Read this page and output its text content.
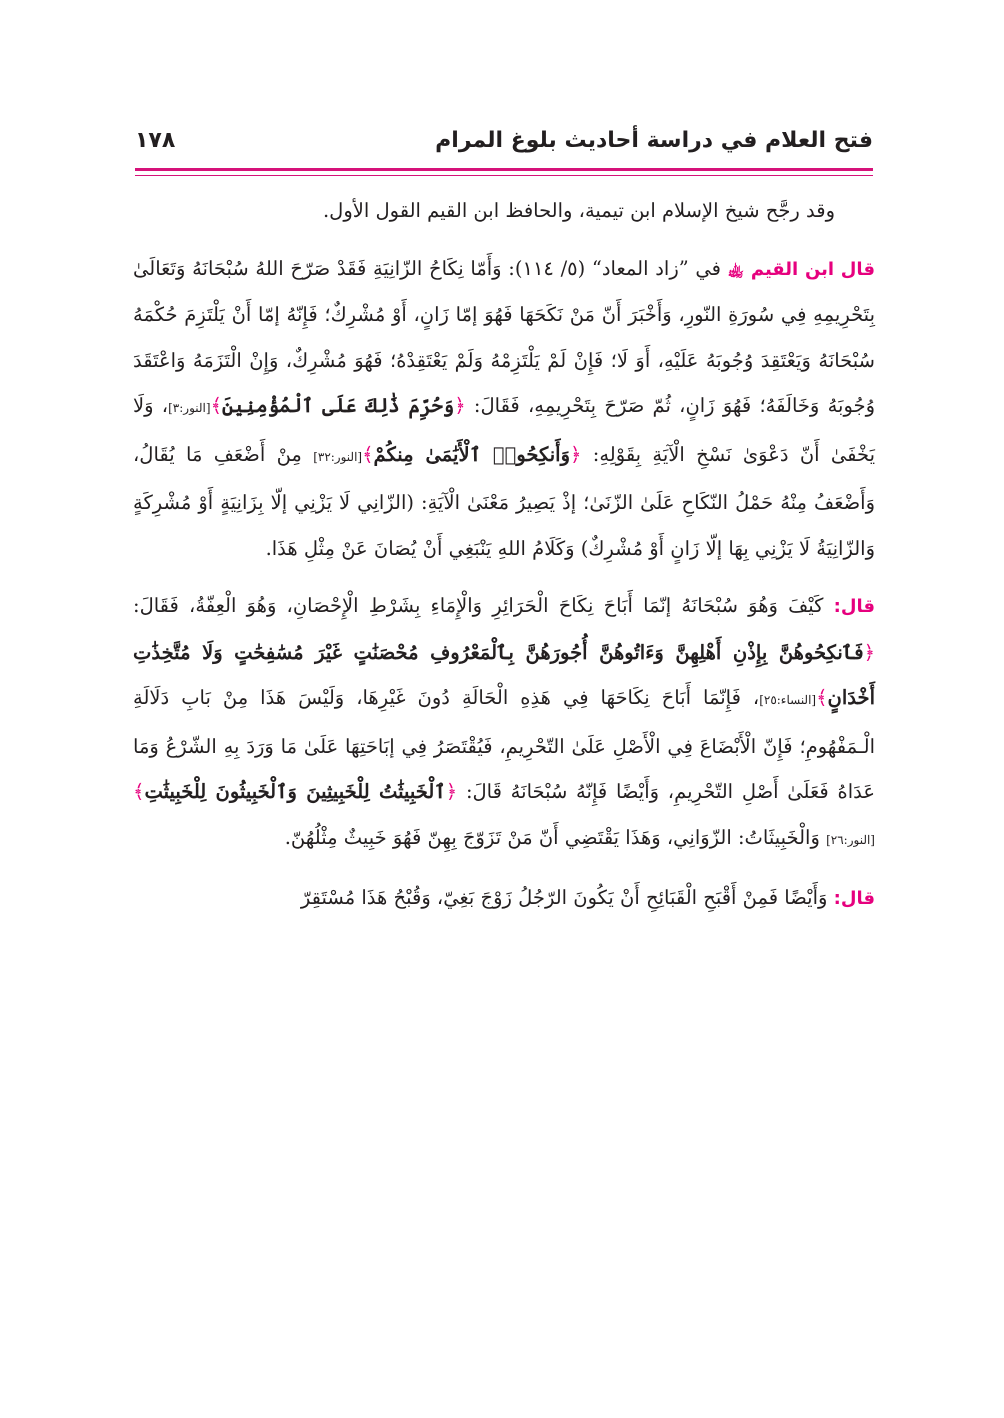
فتح العلام في دراسة أحاديث بلوغ المرام
١٧٨

وقد رجَّح شيخ الإسلام ابن تيمية، والحافظ ابن القيم القول الأول.

قال ابن القيم ﵀ في ”زاد المعاد“ (٥/ ١١٤): وَأَمّا نِكَاحُ الزّانِيَةِ فَقَدْ صَرّحَ اللهُ سُبْحَانَهُ وَتَعَالَىٰ بِتَحْرِيمِهِ فِي سُورَةِ النّورِ، وَأَخْبَرَ أَنّ مَنْ نَكَحَهَا فَهُوَ إمّا زَانٍ، أَوْ مُشْرِكٌ؛ فَإِنّهُ إمّا أَنْ يَلْتَزِمَ حُكْمَهُ سُبْحَانَهُ وَيَعْتَقِدَ وُجُوبَهُ عَلَيْهِ، أَوَ لَا؛ فَإِنْ لَمْ يَلْتَزِمْهُ وَلَمْ يَعْتَقِدْهُ؛ فَهُوَ مُشْرِكٌ، وَإِنْ الْتَزَمَهُ وَاعْتَقَدَ وُجُوبَهُ وَخَالَفَهُ؛ فَهُوَ زَانٍ، ثُمّ صَرّحَ بِتَحْرِيمِهِ، فَقَالَ: ﴿وَحُرِّمَ ذَٰلِكَ عَلَى ٱلْمُؤْمِنِينَ﴾[النور:٣]، وَلَا يَخْفَىٰ أَنّ دَعْوَىٰ نَسْخِ الْآيَةِ بِقَوْلِهِ: ﴿وَأَنكِحُوا۟ ٱلْأَيَٰمَىٰ مِنكُمْ﴾[النور:٣٢] مِنْ أَضْعَفِ مَا يُقَالُ، وَأَضْعَفُ مِنْهُ حَمْلُ النّكَاحِ عَلَىٰ الزّنَىٰ؛ إذْ يَصِيرُ مَعْنَىٰ الْآيَةِ: (الزّانِي لَا يَزْنِي إلّا بِزَانِيَةٍ أَوْ مُشْرِكَةٍ وَالزّانِيَةُ لَا يَزْنِي بِهَا إلّا زَانٍ أَوْ مُشْرِكٌ) وَكَلَامُ اللهِ يَنْبَغِي أَنْ يُصَانَ عَنْ مِثْلِ هَذَا.

قال: كَيْفَ وَهُوَ سُبْحَانَهُ إنّمَا أَبَاحَ نِكَاحَ الْحَرَائِرِ وَالْإِمَاءِ بِشَرْطِ الْإِحْصَانِ، وَهُوَ الْعِفّةُ، فَقَالَ: ﴿فَٱنكِحُوهُنَّ بِإِذْنِ أَهْلِهِنَّ وَءَاتُوهُنَّ أُجُورَهُنَّ بِٱلْمَعْرُوفِ مُحْصَنَٰتٍ غَيْرَ مُسَٰفِحَٰتٍ وَلَا مُتَّخِذَٰتِ أَخْدَانٍ﴾[النساء:٢٥]، فَإِنّمَا أَبَاحَ نِكَاحَهَا فِي هَذِهِ الْحَالَةِ دُونَ غَيْرِهَا، وَلَيْسَ هَذَا مِنْ بَابِ دَلَالَةِ الْـمَفْهُومِ؛ فَإِنّ الْأَبْضَاعَ فِي الْأَصْلِ عَلَىٰ التّحْرِيمِ، فَيُقْتَصَرُ فِي إبَاحَتِهَا عَلَىٰ مَا وَرَدَ بِهِ الشّرْعُ وَمَا عَدَاهُ فَعَلَىٰ أَصْلِ التّحْرِيمِ، وَأَيْضًا فَإِنّهُ سُبْحَانَهُ قَالَ: ﴿ٱلْخَبِيثَٰتُ لِلْخَبِيثِينَ وَٱلْخَبِيثُونَ لِلْخَبِيثَٰتِ﴾[النور:٢٦] وَالْخَبِيثَاتُ: الزّوَانِي، وَهَذَا يَقْتَضِي أَنّ مَنْ تَزَوّجَ بِهِنّ فَهُوَ خَبِيثٌ مِثْلُهُنّ.

قال: وَأَيْضًا فَمِنْ أَقْبَحِ الْقَبَائِحِ أَنْ يَكُونَ الرّجُلُ زَوْجَ بَغِيّ، وَقُبْحُ هَذَا مُسْتَقِرّ
